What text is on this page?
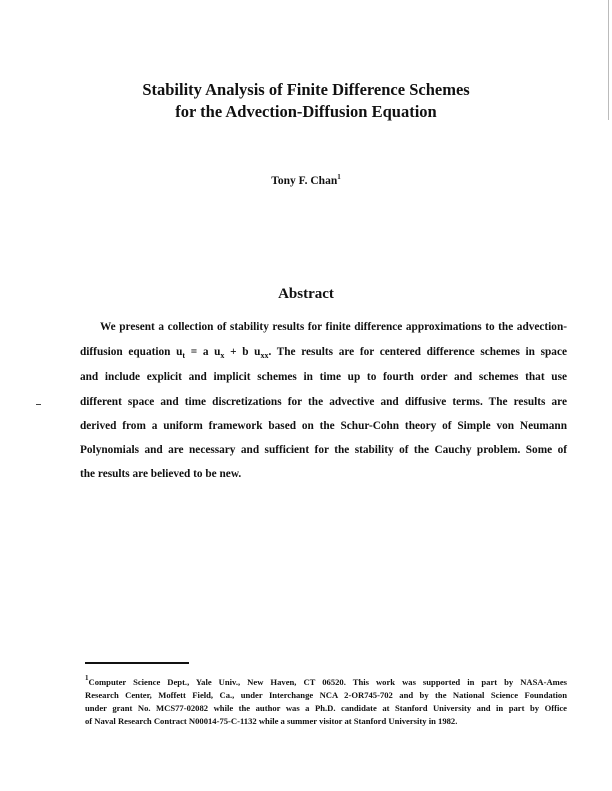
Stability Analysis of Finite Difference Schemes
for the Advection-Diffusion Equation
Tony F. Chan$^1$
Abstract
We present a collection of stability results for finite difference approximations to the advection-
diffusion equation $u_t = a$ $u_x + b$ $u_{xx}$. The results are for centered difference schemes in space
and include explicit and implicit schemes in time up to fourth order and schemes that use
different space and time discretizations for the advective and diffusive terms. The results are
derived from a uniform framework based on the Schur-Cohn theory of Simple von Neumann
Polynomials and are necessary and sufficient for the stability of the Cauchy problem. Some of
the results are believed to be new.
$^1$Computer Science Dept., Yale Univ., New Haven, CT 06520. This work was supported in part by NASA-Ames
Research Center, Moffett Field, Ca., under Interchange NCA 2-OR745-702 and by the National Science Foundation
under grant No. MCS77-02082 while the author was a Ph.D. candidate at Stanford University and in part by Office
of Naval Research Contract N00014-75-C-1132 while a summer visitor at Stanford University in 1982.
